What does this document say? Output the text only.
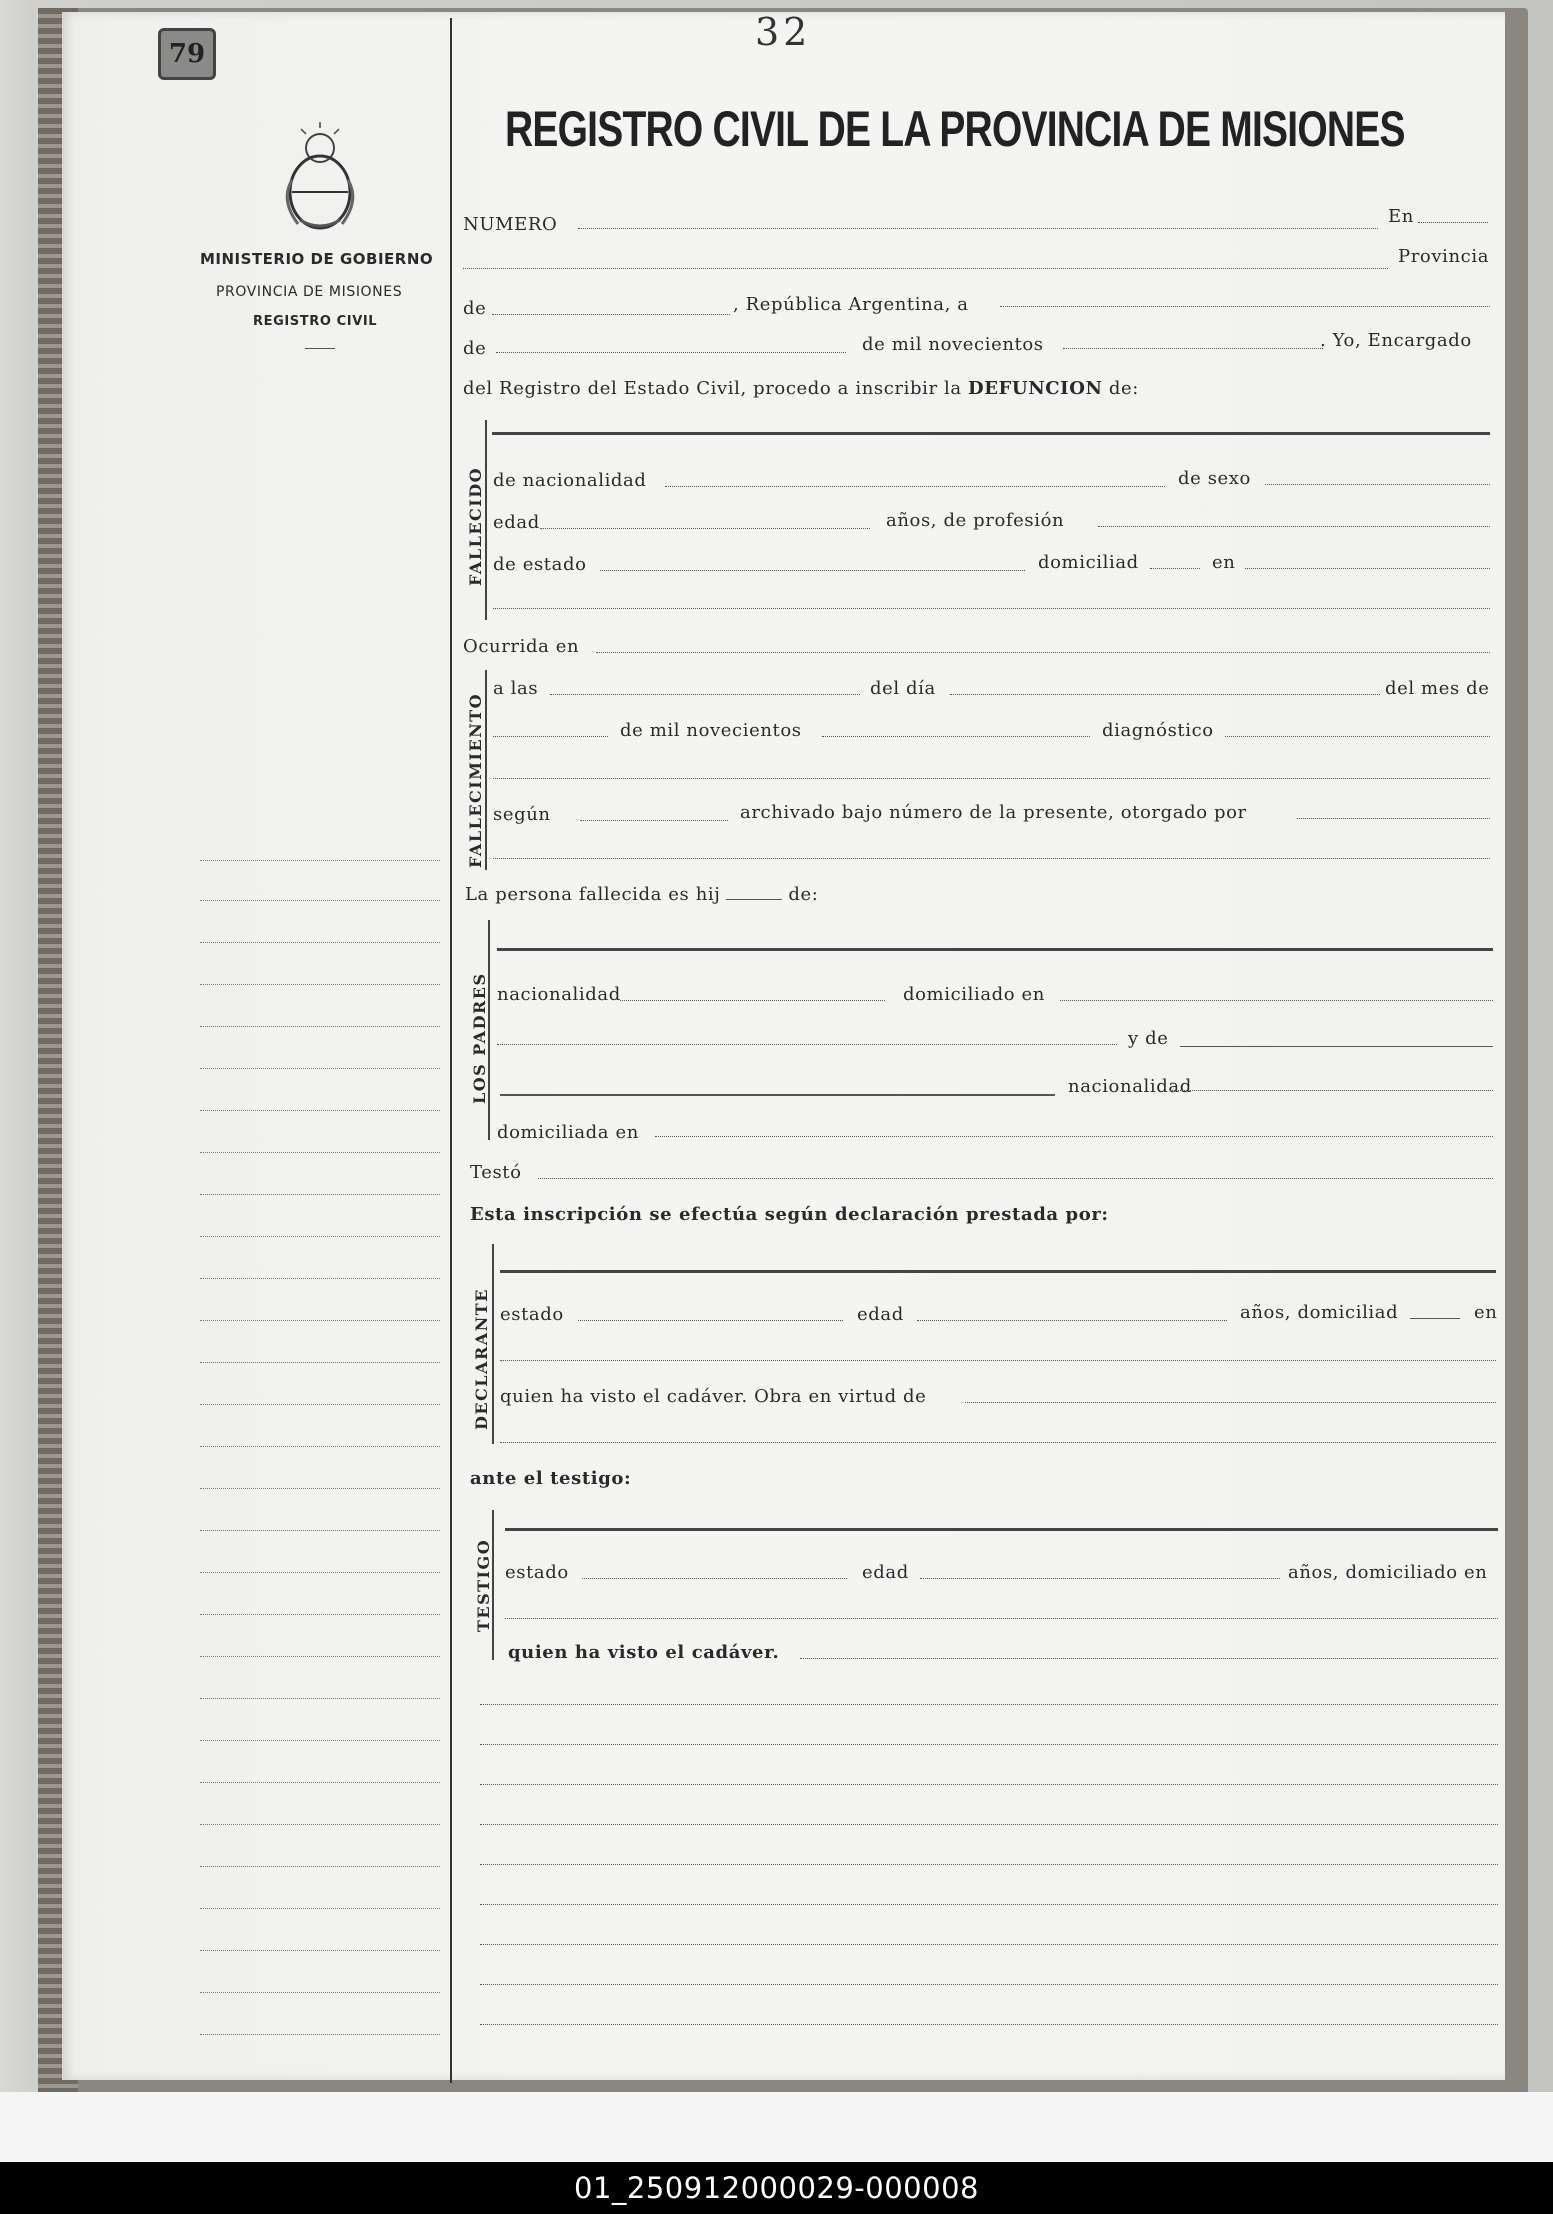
79	32
MINISTERIO DE GOBIERNO
PROVINCIA DE MISIONES
REGISTRO CIVIL
REGISTRO CIVIL DE LA PROVINCIA DE MISIONES
NUMERO	En
Provincia
de	, República Argentina, a
de	de mil novecientos	. Yo, Encargado
del Registro del Estado Civil, procedo a inscribir la DEFUNCION de:
FALLECIDO de nacionalidad	de sexo
edad	años, de profesión
de estado	domiciliad	en
Ocurrida en
FALLECIMIENTO
a las	del día	del mes de
de mil novecientos	diagnóstico
según	archivado bajo número de la presente, otorgado por
La persona fallecida es hij	de:
LOS PADRES nacionalidad	domiciliado en
y de
nacionalidad
domiciliada en
Testó
Esta inscripción se efectúa según declaración prestada por:
DECLARANTE estado	edad	años, domiciliad	en
quien ha visto el cadáver. Obra en virtud de
ante el testigo:
TESTIGO estado	edad	años, domiciliado en
quien ha visto el cadáver.
01_250912000029-000008
